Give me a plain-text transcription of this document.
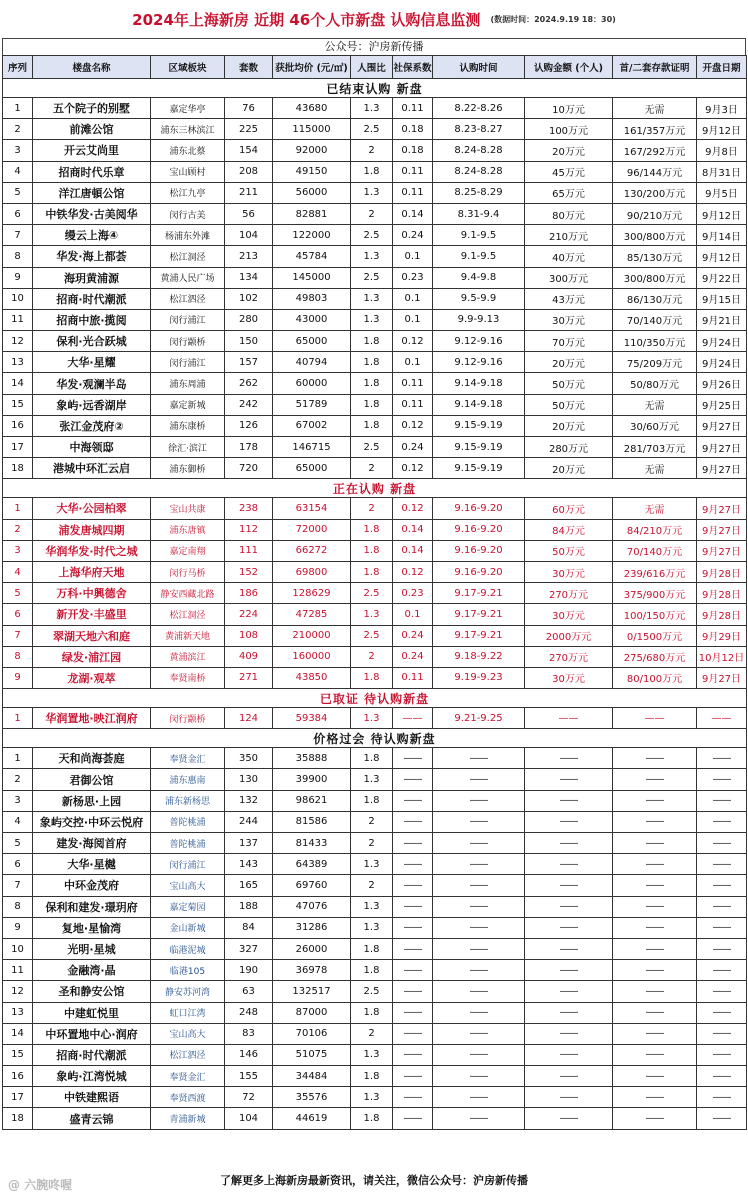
2024年上海新房 近期 46个人市新盘 认购信息监测 (数据时间：2024.9.19 18：30)
公众号：沪房新传播
序列	楼盘名称	区域板块	套数	获批均价 (元/㎡)	人围比	社保系数	认购时间	认购金额 (个人)	首/二套存款证明	开盘日期
已结束认购 新盘										
1	五个院子的别墅	嘉定华亭	76	43680	1.3	0.11	8.22-8.26	10万元	无需	9月3日
2	前滩公馆	浦东三林滨江	225	115000	2.5	0.18	8.23-8.27	100万元	161/357万元	9月12日
3	开云艾尚里	浦东北蔡	154	92000	2	0.18	8.24-8.28	20万元	167/292万元	9月8日
4	招商时代乐章	宝山顾村	208	49150	1.8	0.11	8.24-8.28	45万元	96/144万元	8月31日
5	洋江唐頓公馆	松江九亭	211	56000	1.3	0.11	8.25-8.29	65万元	130/200万元	9月5日
6	中铁华发·古美阅华	闵行古美	56	82881	2	0.14	8.31-9.4	80万元	90/210万元	9月12日
7	缦云上海④	杨浦东外滩	104	122000	2.5	0.24	9.1-9.5	210万元	300/800万元	9月14日
8	华发·海上都荟	松江洞泾	213	45784	1.3	0.1	9.1-9.5	40万元	85/130万元	9月12日
9	海玥黄浦源	黄浦人民广场	134	145000	2.5	0.23	9.4-9.8	300万元	300/800万元	9月22日
10	招商·时代潮派	松江泗泾	102	49803	1.3	0.1	9.5-9.9	43万元	86/130万元	9月15日
11	招商中旅·揽阅	闵行浦江	280	43000	1.3	0.1	9.9-9.13	30万元	70/140万元	9月21日
12	保利·光合跃城	闵行颛桥	150	65000	1.8	0.12	9.12-9.16	70万元	110/350万元	9月24日
13	大华·星耀	闵行浦江	157	40794	1.8	0.1	9.12-9.16	20万元	75/209万元	9月24日
14	华发·观澜半岛	浦东周浦	262	60000	1.8	0.11	9.14-9.18	50万元	50/80万元	9月26日
15	象屿·远香湖岸	嘉定新城	242	51789	1.8	0.11	9.14-9.18	50万元	无需	9月25日
16	张江金茂府②	浦东康桥	126	67002	1.8	0.12	9.15-9.19	20万元	30/60万元	9月27日
17	中海领邸	徐汇·滨江	178	146715	2.5	0.24	9.15-9.19	280万元	281/703万元	9月27日
18	港城中环汇云启	浦东御桥	720	65000	2	0.12	9.15-9.19	20万元	无需	9月27日
正在认购 新盘										
1	大华·公园柏翠	宝山共康	238	63154	2	0.12	9.16-9.20	60万元	无需	9月27日
2	浦发唐城四期	浦东唐镇	112	72000	1.8	0.14	9.16-9.20	84万元	84/210万元	9月27日
3	华润华发·时代之城	嘉定南翔	111	66272	1.8	0.14	9.16-9.20	50万元	70/140万元	9月27日
4	上海华府天地	闵行马桥	152	69800	1.8	0.12	9.16-9.20	30万元	239/616万元	9月28日
5	万科·中興德舍	静安西藏北路	186	128629	2.5	0.23	9.17-9.21	270万元	375/900万元	9月28日
6	新开发·丰盛里	松江洞泾	224	47285	1.3	0.1	9.17-9.21	30万元	100/150万元	9月28日
7	翠湖天地六和庭	黄浦新天地	108	210000	2.5	0.24	9.17-9.21	2000万元	0/1500万元	9月29日
8	绿发·浦江园	黄浦滨江	409	160000	2	0.24	9.18-9.22	270万元	275/680万元	10月12日
9	龙湖·观萃	奉贤南桥	271	43850	1.8	0.11	9.19-9.23	30万元	80/100万元	9月27日
已取证 待认购新盘										
1	华润置地·映江润府	闵行颛桥	124	59384	1.3	——	9.21-9.25	——	——	——
价格过会 待认购新盘										
1	天和尚海荟庭	奉贤金汇	350	35888	1.8	——	——	——	——	——
2	君御公馆	浦东惠南	130	39900	1.3	——	——	——	——	——
3	新杨思·上园	浦东新杨思	132	98621	1.8	——	——	——	——	——
4	象屿交控·中环云悦府	普陀桃浦	244	81586	2	——	——	——	——	——
5	建发·海阅首府	普陀桃浦	137	81433	2	——	——	——	——	——
6	大华·星樾	闵行浦江	143	64389	1.3	——	——	——	——	——
7	中环金茂府	宝山高大	165	69760	2	——	——	——	——	——
8	保利和建发·璟玥府	嘉定菊园	188	47076	1.3	——	——	——	——	——
9	复地·星愉湾	金山新城	84	31286	1.3	——	——	——	——	——
10	光明·星城	临港泥城	327	26000	1.8	——	——	——	——	——
11	金融湾·晶	临港105	190	36978	1.8	——	——	——	——	——
12	圣和静安公馆	静安苏河湾	63	132517	2.5	——	——	——	——	——
13	中建虹悦里	虹口江湾	248	87000	1.8	——	——	——	——	——
14	中环置地中心·润府	宝山高大	83	70106	2	——	——	——	——	——
15	招商·时代潮派	松江泗泾	146	51075	1.3	——	——	——	——	——
16	象屿·江湾悦城	奉贤金汇	155	34484	1.8	——	——	——	——	——
17	中铁建熙语	奉贤西渡	72	35576	1.3	——	——	——	——	——
18	盛青云锦	青浦新城	104	44619	1.8	——	——	——	——	——
了解更多上海新房最新资讯，请关注，微信公众号：沪房新传播
@ 六腕咚喔
